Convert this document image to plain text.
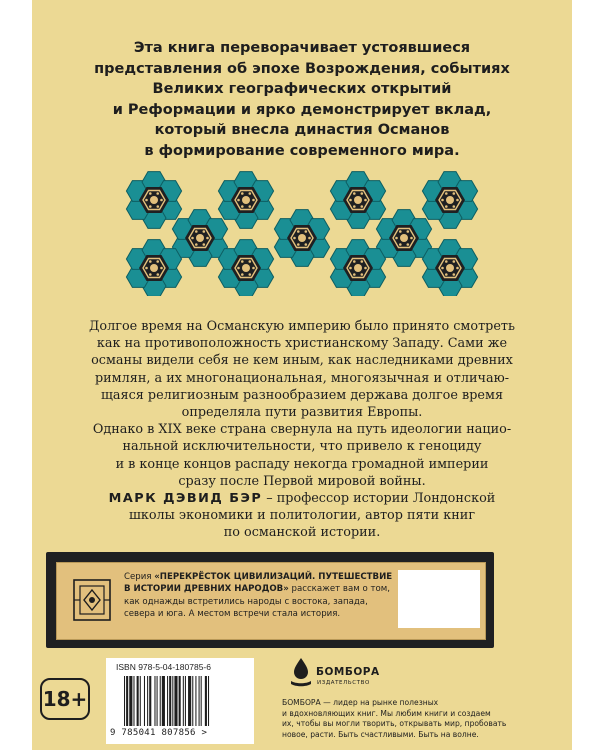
Эта книга переворачивает устоявшиеся
представления об эпохе Возрождения, событиях
Великих географических открытий
и Реформации и ярко демонстрирует вклад,
который внесла династия Османов
в формирование современного мира.
Долгое время на Османскую империю было принято смотреть
как на противоположность христианскому Западу. Сами же
османы видели себя не кем иным, как наследниками древних
римлян, а их многонациональная, многоязычная и отличаю-
щаяся религиозным разнообразием держава долгое время
определяла пути развития Европы.
Однако в XIX веке страна свернула на путь идеологии нацио-
нальной исключительности, что привело к геноциду
и в конце концов распаду некогда громадной империи
сразу после Первой мировой войны.
МАРК ДЭВИД БЭР – профессор истории Лондонской
школы экономики и политологии, автор пяти книг
по османской истории.
Серия «ПЕРЕКРЁСТОК ЦИВИЛИЗАЦИЙ. ПУТЕШЕСТВИЕ
В ИСТОРИИ ДРЕВНИХ НАРОДОВ» расскажет вам о том,
как однажды встретились народы с востока, запада,
севера и юга. А местом встречи стала история.
18+
ISBN 978-5-04-180785-6
9 785041 807856 >
БОМБОРА
ИЗДАТЕЛЬСТВО
БОМБОРА — лидер на рынке полезных
и вдохновляющих книг. Мы любим книги и создаем
их, чтобы вы могли творить, открывать мир, пробовать
новое, расти. Быть счастливыми. Быть на волне.
